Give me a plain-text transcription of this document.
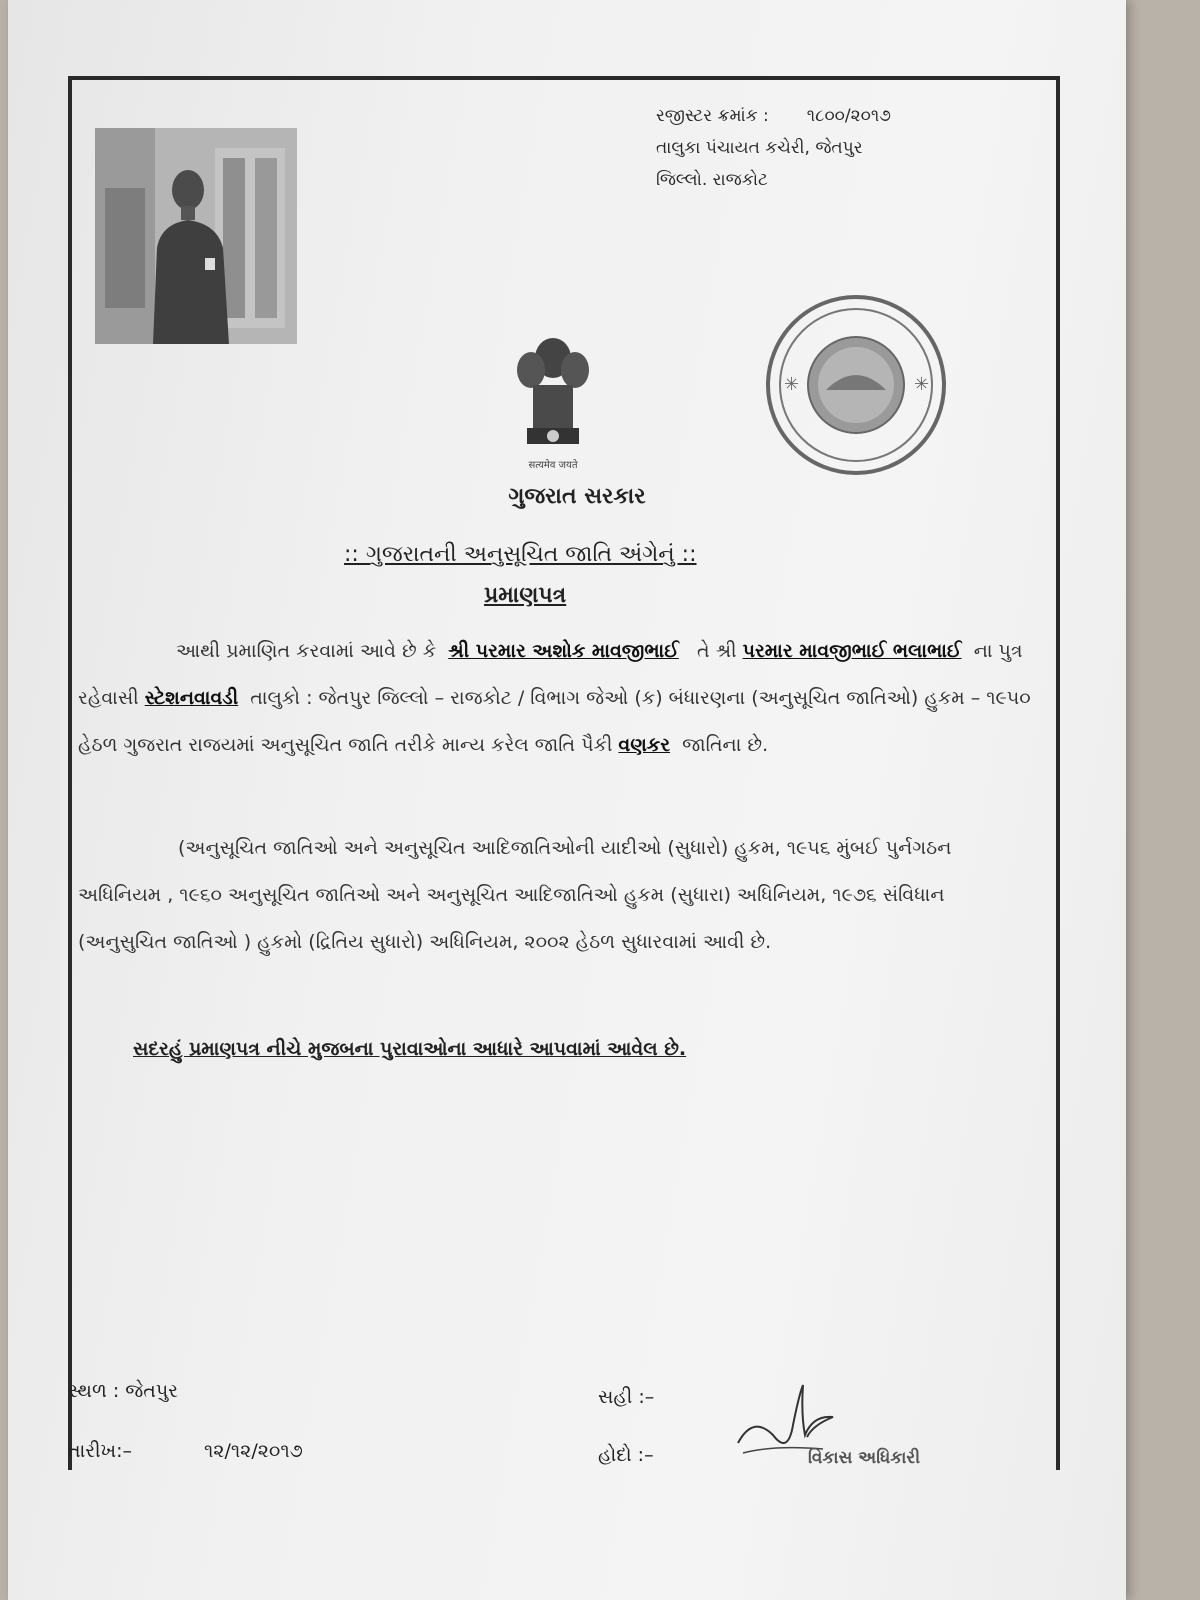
રજીસ્ટર ક્રમાંક : ૧૮૦૦/૨૦૧૭
તાલુકા પંચાયત કચેરી, જેતપુર
જિલ્લો. રાજકોટ
सत्यमेव जयते
✳	✳
ગુજરાત સરકાર
:: ગુજરાતની અનુસૂચિત જાતિ અંગેનું ::
પ્રમાણપત્ર
આથી પ્રમાણિત કરવામાં આવે છે કે શ્રી પરમાર અશોક માવજીભાઈ તે શ્રી પરમાર માવજીભાઈ ભલાભાઈ ના પુત્ર રહેવાસી સ્ટેશનવાવડી તાલુકો : જેતપુર જિલ્લો – રાજકોટ / વિભાગ જેઓ (ક) બંધારણના (અનુસૂચિત જાતિઓ) હુકમ – ૧૯૫૦ હેઠળ ગુજરાત રાજયમાં અનુસૂચિત જાતિ તરીકે માન્ય કરેલ જાતિ પૈકી વણકર જાતિના છે.
(અનુસૂચિત જાતિઓ અને અનુસૂચિત આદિજાતિઓની યાદીઓ (સુધારો) હુકમ, ૧૯૫૬ મુંબઈ પુર્નગઠન અધિનિયમ , ૧૯૬૦ અનુસૂચિત જાતિઓ અને અનુસૂચિત આદિજાતિઓ હુકમ (સુધારા) અધિનિયમ, ૧૯૭૬ સંવિધાન (અનુસુચિત જાતિઓ ) હુકમો (દ્રિતિય સુધારો) અધિનિયમ, ૨૦૦૨ હેઠળ સુધારવામાં આવી છે.
સદરહું પ્રમાણપત્ર નીચે મુજબના પુરાવાઓના આધારે આપવામાં આવેલ છે.
સ્થળ : જેતપુર
તારીખ:–	૧૨/૧૨/૨૦૧૭
સહી :–
હોદો :–	વિકાસ અધિકારી
